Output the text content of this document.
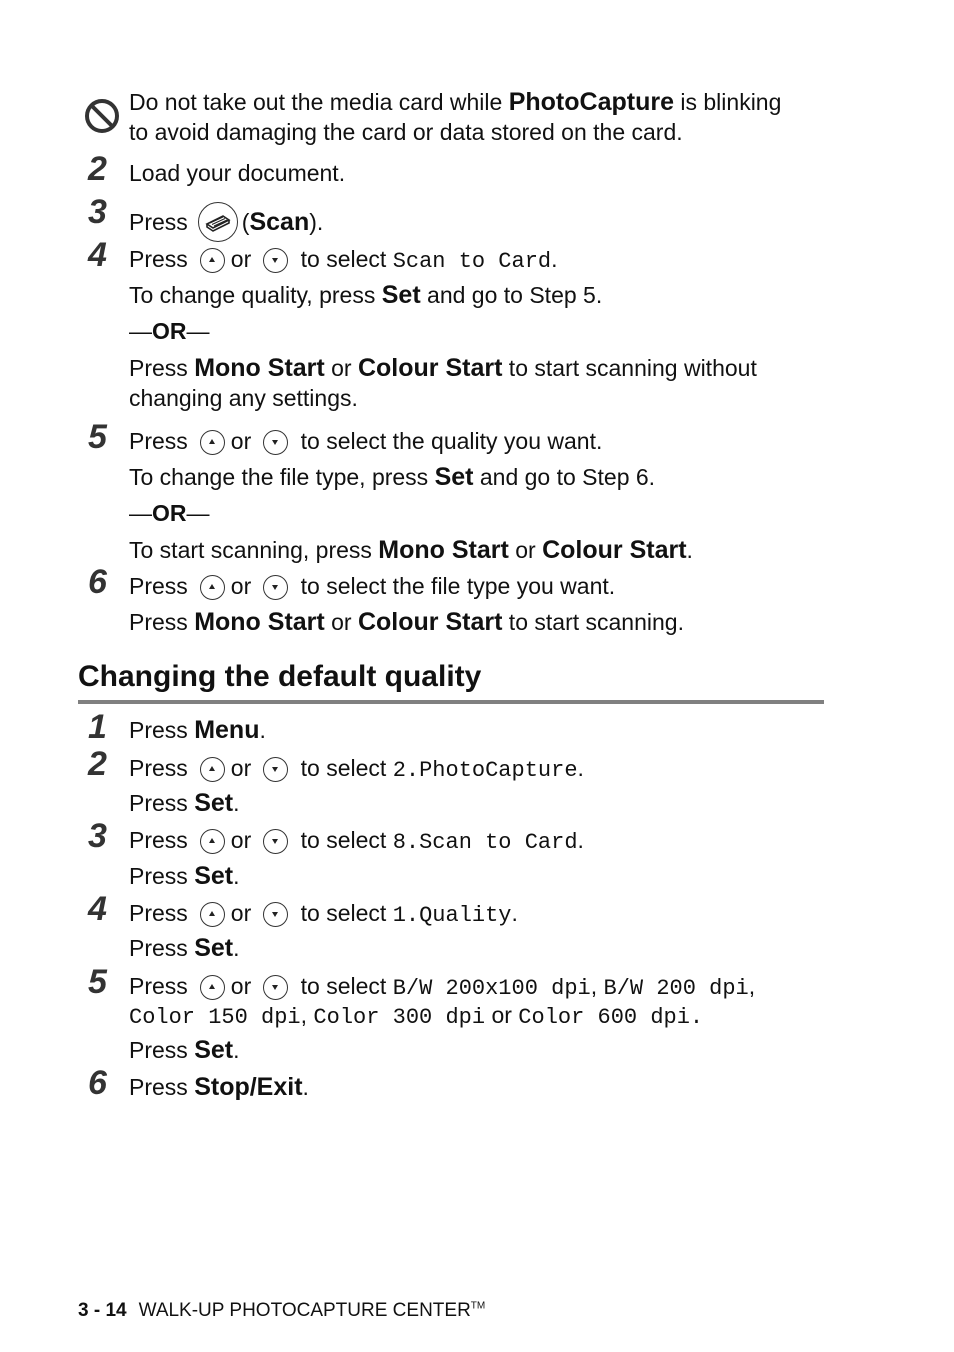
Do not take out the media card while PhotoCapture is blinking
to avoid damaging the card or data stored on the card.
2 Load your document.
3 Press (Scan).
4 Press or to select Scan to Card.
To change quality, press Set and go to Step 5.
—OR—
Press Mono Start or Colour Start to start scanning without
changing any settings.
5 Press or to select the quality you want.
To change the file type, press Set and go to Step 6.
—OR—
To start scanning, press Mono Start or Colour Start.
6 Press or to select the file type you want.
Press Mono Start or Colour Start to start scanning.
Changing the default quality
1 Press Menu.
2 Press or to select 2.PhotoCapture.
Press Set.
3 Press or to select 8.Scan to Card.
Press Set.
4 Press or to select 1.Quality.
Press Set.
5 Press or to select B/W 200x100 dpi, B/W 200 dpi,
Color 150 dpi, Color 300 dpi or Color 600 dpi.
Press Set.
6 Press Stop/Exit.
3 - 14 WALK-UP PHOTOCAPTURE CENTER™
